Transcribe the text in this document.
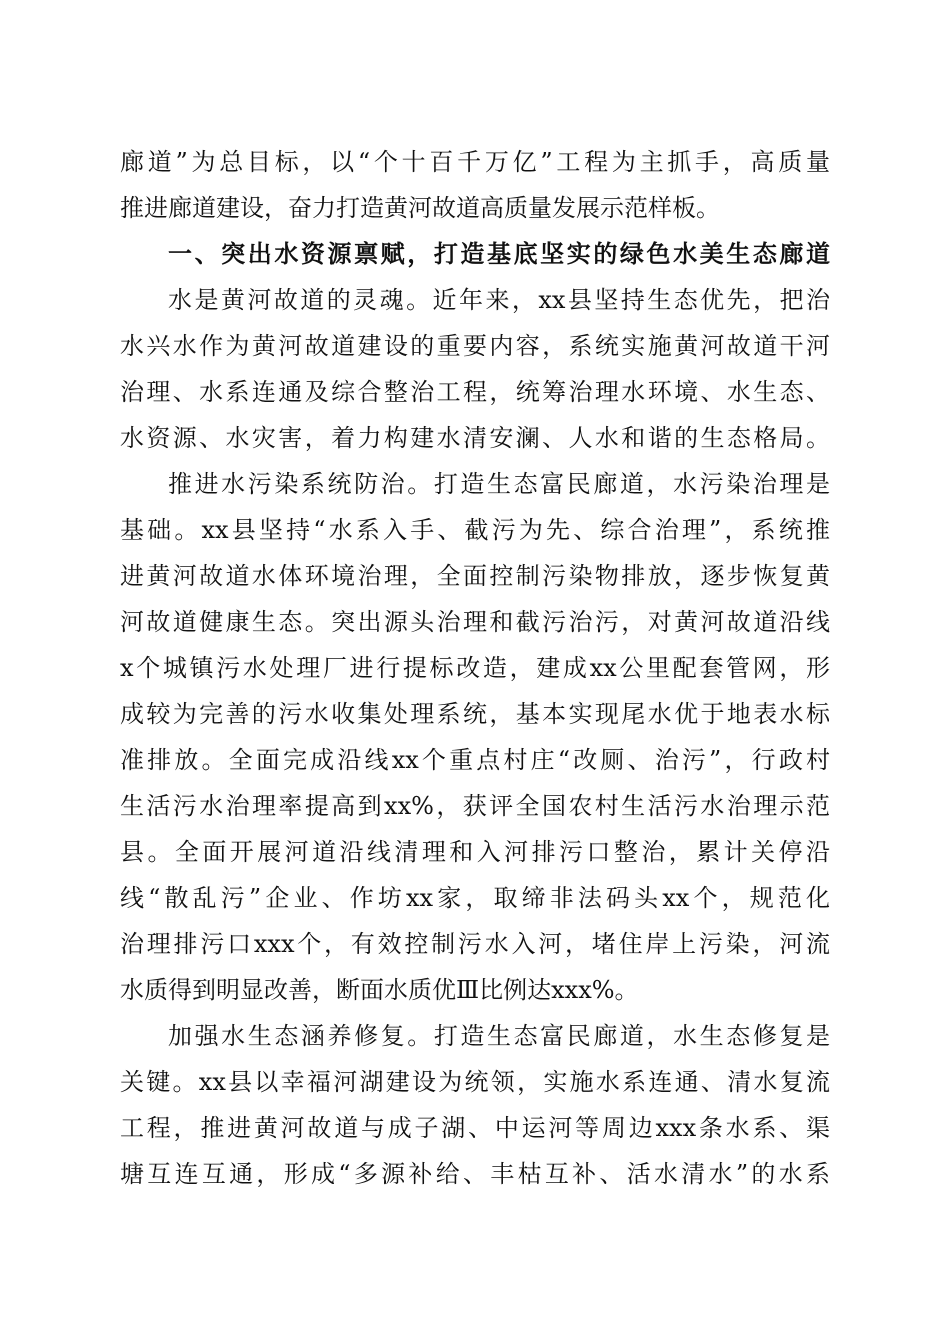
廊道”为总目标，以“个十百千万亿”工程为主抓手，高质量
推进廊道建设，奋力打造黄河故道高质量发展示范样板。
一、突出水资源禀赋，打造基底坚实的绿色水美生态廊道
水是黄河故道的灵魂。近年来，xx县坚持生态优先，把治
水兴水作为黄河故道建设的重要内容，系统实施黄河故道干河
治理、水系连通及综合整治工程，统筹治理水环境、水生态、
水资源、水灾害，着力构建水清安澜、人水和谐的生态格局。
推进水污染系统防治。打造生态富民廊道，水污染治理是
基础。xx县坚持“水系入手、截污为先、综合治理”，系统推
进黄河故道水体环境治理，全面控制污染物排放，逐步恢复黄
河故道健康生态。突出源头治理和截污治污，对黄河故道沿线
x个城镇污水处理厂进行提标改造，建成xx公里配套管网，形
成较为完善的污水收集处理系统，基本实现尾水优于地表水标
准排放。全面完成沿线xx个重点村庄“改厕、治污”，行政村
生活污水治理率提高到xx%，获评全国农村生活污水治理示范
县。全面开展河道沿线清理和入河排污口整治，累计关停沿
线“散乱污”企业、作坊xx家，取缔非法码头xx个，规范化
治理排污口xxx个，有效控制污水入河，堵住岸上污染，河流
水质得到明显改善，断面水质优Ⅲ比例达xxx%。
加强水生态涵养修复。打造生态富民廊道，水生态修复是
关键。xx县以幸福河湖建设为统领，实施水系连通、清水复流
工程，推进黄河故道与成子湖、中运河等周边xxx条水系、渠
塘互连互通，形成“多源补给、丰枯互补、活水清水”的水系
